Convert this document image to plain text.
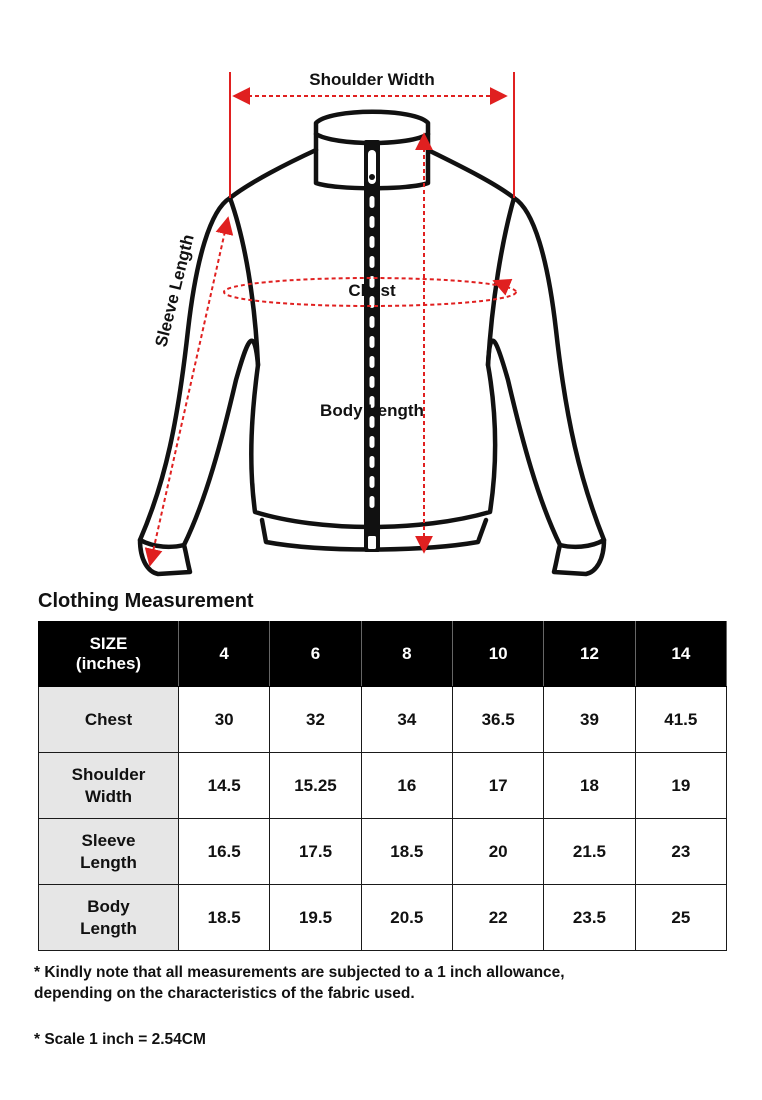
Shoulder Width
Sleeve Length	Chest
Body Length
Clothing Measurement
SIZE
(inches)	4	6	8	10	12	14
Chest	30	32	34	36.5	39	41.5
Shoulder
Width	14.5	15.25	16	17	18	19
Sleeve
Length	16.5	17.5	18.5	20	21.5	23
Body
Length	18.5	19.5	20.5	22	23.5	25

* Kindly note that all measurements are subjected to a 1 inch allowance,
depending on the characteristics of the fabric used.

* Scale 1 inch = 2.54CM
